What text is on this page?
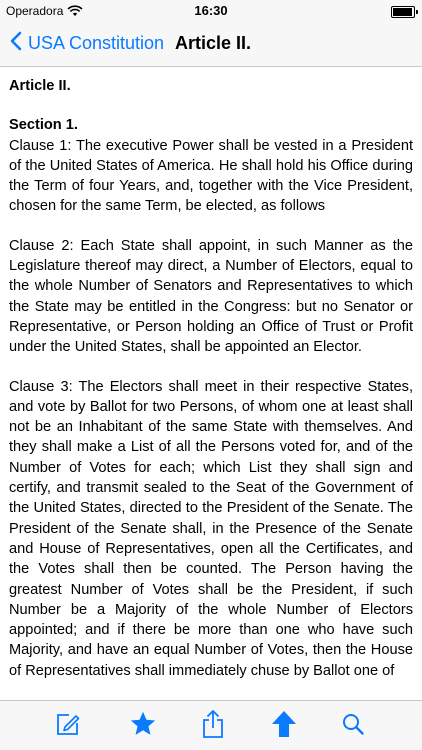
Operadora	16:30
USA Constitution Article II.
Article II.
Section 1.

Clause 1: The executive Power shall be vested in a President of the United States of America. He shall hold his Office during the Term of four Years, and, together with the Vice President, chosen for the same Term, be elected, as follows

Clause 2: Each State shall appoint, in such Manner as the Legislature thereof may direct, a Number of Electors, equal to the whole Number of Senators and Representatives to which the State may be entitled in the Congress: but no Senator or Representative, or Person holding an Office of Trust or Profit under the United States, shall be appointed an Elector.

Clause 3: The Electors shall meet in their respective States, and vote by Ballot for two Persons, of whom one at least shall not be an Inhabitant of the same State with themselves. And they shall make a List of all the Persons voted for, and of the Number of Votes for each; which List they shall sign and certify, and transmit sealed to the Seat of the Government of the United States, directed to the President of the Senate. The President of the Senate shall, in the Presence of the Senate and House of Representatives, open all the Certificates, and the Votes shall then be counted. The Person having the greatest Number of Votes shall be the President, if such Number be a Majority of the whole Number of Electors appointed; and if there be more than one who have such Majority, and have an equal Number of Votes, then the House of Representatives shall immediately chuse by Ballot one of
